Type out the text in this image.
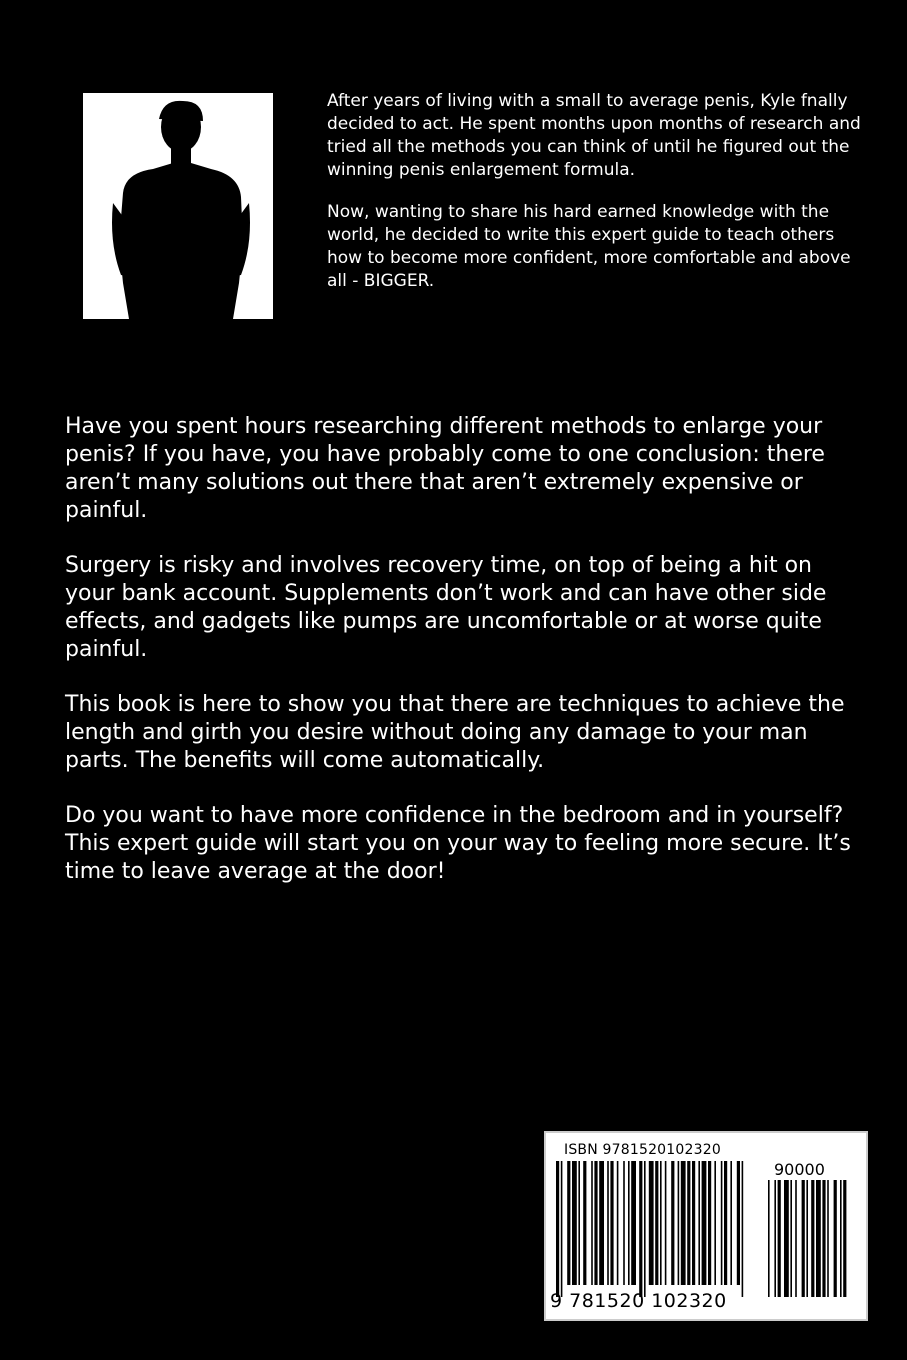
After years of living with a small to average penis, Kyle fnally decided to act. He spent months upon months of research and tried all the methods you can think of until he figured out the winning penis enlargement formula.

Now, wanting to share his hard earned knowledge with the world, he decided to write this expert guide to teach others how to become more confident, more comfortable and above all - BIGGER.

Have you spent hours researching different methods to enlarge your penis? If you have, you have probably come to one conclusion: there aren’t many solutions out there that aren’t extremely expensive or painful.

Surgery is risky and involves recovery time, on top of being a hit on your bank account. Supplements don’t work and can have other side effects, and gadgets like pumps are uncomfortable or at worse quite painful.

This book is here to show you that there are techniques to achieve the length and girth you desire without doing any damage to your man parts. The benefits will come automatically.

Do you want to have more confidence in the bedroom and in yourself? This expert guide will start you on your way to feeling more secure. It’s time to leave average at the door!

ISBN 9781520102320
90000
9 781520 102320
